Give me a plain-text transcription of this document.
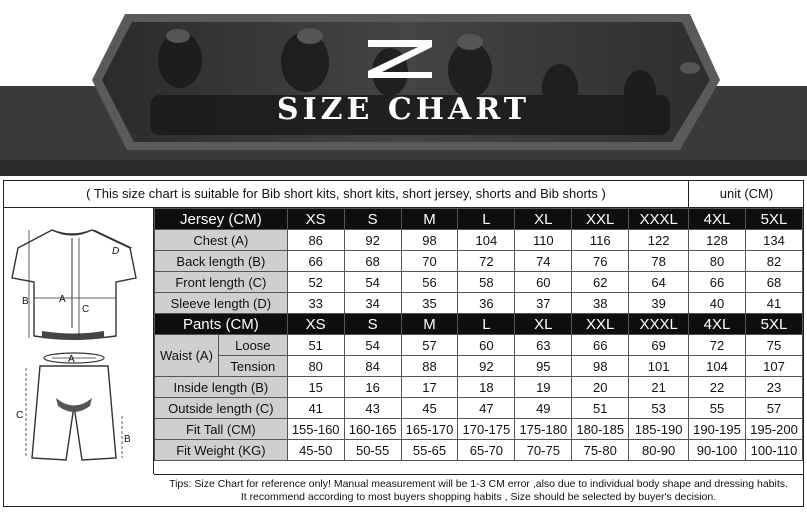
SIZE CHART
( This size chart is suitable for Bib short kits, short kits, short jersey, shorts and Bib shorts )	unit (CM)
A
B
C
D
A
B
C
Jersey (CM)		XS	S	M	L	XL	XXL	XXXL	4XL	5XL
Chest (A)		86	92	98	104	110	116	122	128	134
Back length (B)		66	68	70	72	74	76	78	80	82
Front length (C)		52	54	56	58	60	62	64	66	68
Sleeve length (D)		33	34	35	36	37	38	39	40	41
Pants (CM)		XS	S	M	L	XL	XXL	XXXL	4XL	5XL
Waist (A)	Loose	51	54	57	60	63	66	69	72	75
	Tension	80	84	88	92	95	98	101	104	107
Inside length (B)		15	16	17	18	19	20	21	22	23
Outside length (C)		41	43	45	47	49	51	53	55	57
Fit Tall (CM)		155-160	160-165	165-170	170-175	175-180	180-185	185-190	190-195	195-200
Fit Weight (KG)		45-50	50-55	55-65	65-70	70-75	75-80	80-90	90-100	100-110
Tips: Size Chart for reference only! Manual measurement will be 1-3 CM error ,also due to individual body shape and dressing habits.
It recommend according to most buyers shopping habits , Size should be selected by buyer's decision.
